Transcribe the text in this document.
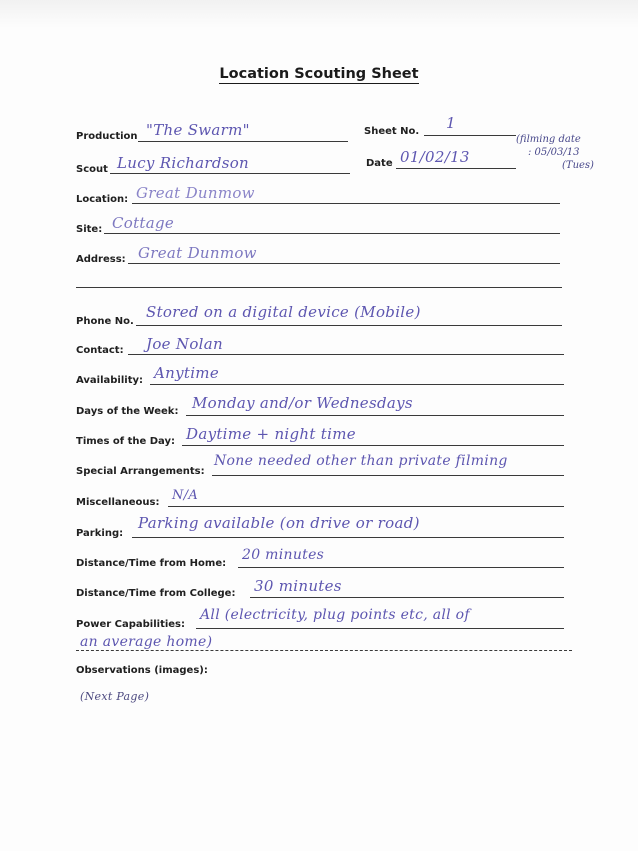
Location Scouting Sheet
Production "The Swarm"	Sheet No. 1
(filming date
: 05/03/13
(Tues)
Scout Lucy Richardson	Date 01/02/13
Location: Great Dunmow
Site: Cottage
Address: Great Dunmow
Phone No.
Stored on a digital device (Mobile)
Contact: Joe Nolan
Availability: Anytime
Days of the Week: Monday and/or Wednesdays
Times of the Day: Daytime + night time
Special Arrangements:
None needed other than private filming
Miscellaneous: N/A
Parking:
Parking available (on drive or road)
Distance/Time from Home:
20 minutes
Distance/Time from College: 30 minutes
Power Capabilities:
All (electricity, plug points etc, all of
an average home)
Observations (images):
(Next Page)
